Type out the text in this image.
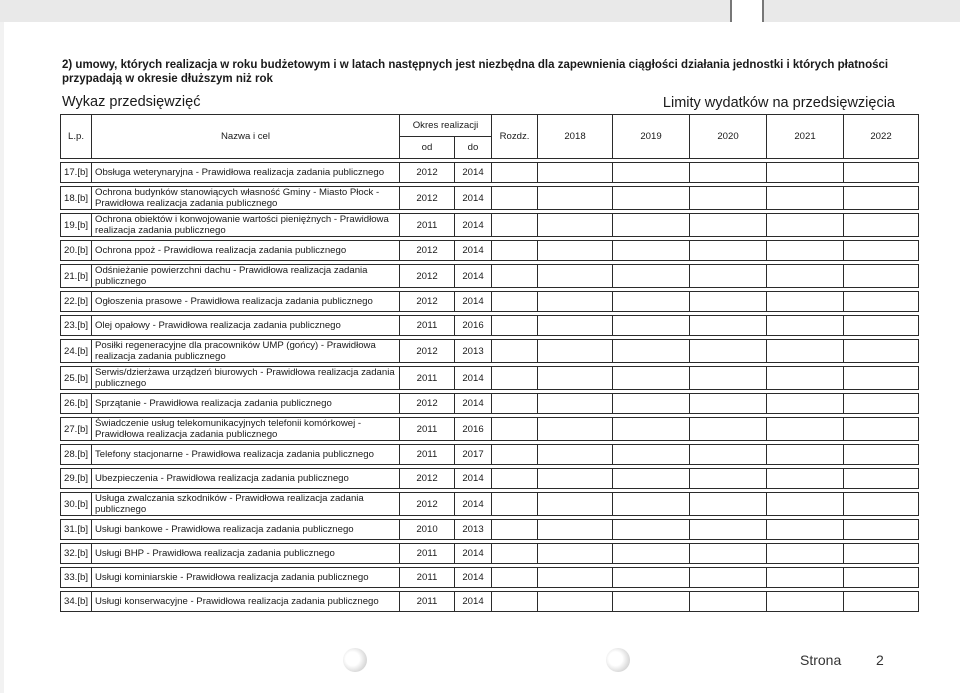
2) umowy, których realizacja w roku budżetowym i w latach następnych jest niezbędna dla zapewnienia ciągłości działania jednostki i których płatności
przypadają w okresie dłuższym niż rok
Wykaz przedsięwzięć	Limity wydatków na przedsięwzięcia
L.p.	Nazwa i cel	Okres realizacji		Rozdz.	2018	2019	2020	2021	2022
		od	do						

17.[b]	Obsługa weterynaryjna - Prawidłowa realizacja zadania publicznego	2012	2014						

18.[b]	Ochrona budynków stanowiących własność Gminy - Miasto Płock - Prawidłowa realizacja zadania publicznego	2012	2014						

19.[b]	Ochrona obiektów i konwojowanie wartości pieniężnych - Prawidłowa realizacja zadania publicznego	2011	2014						

20.[b]	Ochrona ppoż - Prawidłowa realizacja zadania publicznego	2012	2014						

21.[b]	Odśnieżanie powierzchni dachu - Prawidłowa realizacja zadania publicznego	2012	2014						

22.[b]	Ogłoszenia prasowe - Prawidłowa realizacja zadania publicznego	2012	2014						

23.[b]	Olej opałowy - Prawidłowa realizacja zadania publicznego	2011	2016						

24.[b]	Posiłki regeneracyjne dla pracowników UMP (gońcy) - Prawidłowa realizacja zadania publicznego	2012	2013						

25.[b]	Serwis/dzierżawa urządzeń biurowych - Prawidłowa realizacja zadania publicznego	2011	2014						

26.[b]	Sprzątanie - Prawidłowa realizacja zadania publicznego	2012	2014						

27.[b]	Świadczenie usług telekomunikacyjnych telefonii komórkowej - Prawidłowa realizacja zadania publicznego	2011	2016						

28.[b]	Telefony stacjonarne - Prawidłowa realizacja zadania publicznego	2011	2017						

29.[b]	Ubezpieczenia - Prawidłowa realizacja zadania publicznego	2012	2014						

30.[b]	Usługa zwalczania szkodników - Prawidłowa realizacja zadania publicznego	2012	2014						

31.[b]	Usługi bankowe - Prawidłowa realizacja zadania publicznego	2010	2013						

32.[b]	Usługi BHP - Prawidłowa realizacja zadania publicznego	2011	2014						

33.[b]	Usługi kominiarskie - Prawidłowa realizacja zadania publicznego	2011	2014						

34.[b]	Usługi konserwacyjne - Prawidłowa realizacja zadania publicznego	2011	2014						
Strona 2
